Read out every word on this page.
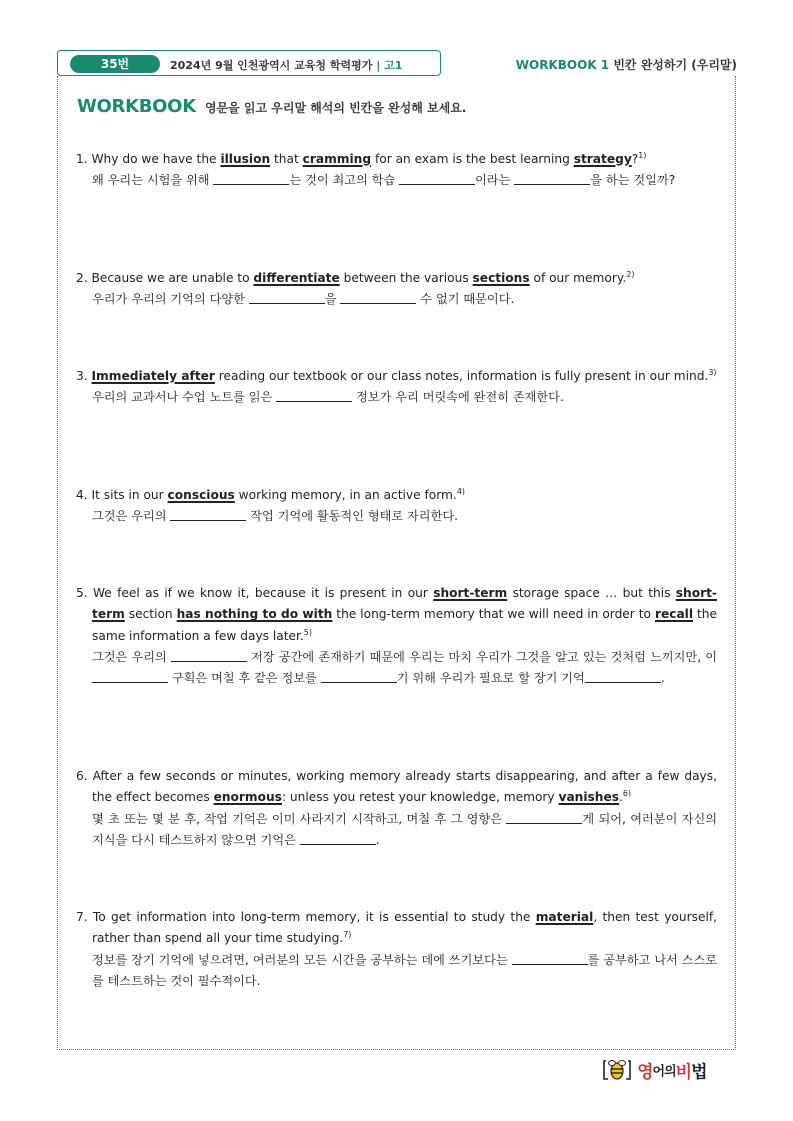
35번	2024년 9월 인천광역시 교육청 학력평가 | 고1	WORKBOOK 1 빈칸 완성하기 (우리말)
WORKBOOK 영문을 읽고 우리말 해석의 빈칸을 완성해 보세요.
1. Why do we have the illusion that cramming for an exam is the best learning strategy?$^{1)}$
왜 우리는 시험을 위해	는 것이 최고의 학습	이라는	을 하는 것일까?
2. Because we are unable to differentiate between the various sections of our memory.$^{2)}$
우리가 우리의 기억의 다양한	을	수 없기 때문이다.
3. Immediately after reading our textbook or our class notes, information is fully present in our mind.$^{3)}$
우리의 교과서나 수업 노트를 읽은	정보가 우리 머릿속에 완전히 존재한다.
4. It sits in our conscious working memory, in an active form.$^{4)}$
그것은 우리의	작업 기억에 활동적인 형태로 자리한다.
5. We feel as if we know it, because it is present in our short-term storage space … but this short-term section has nothing to do with the long-term memory that we will need in order to recall the same information a few days later.$^{5)}$
그것은 우리의	저장 공간에 존재하기 때문에 우리는 마치 우리가 그것을 알고 있는 것처럼 느끼지만, 이  구획은 며칠 후 같은 정보를	기 위해 우리가 필요로 할 장기 기억	.
6. After a few seconds or minutes, working memory already starts disappearing, and after a few days, the effect becomes enormous: unless you retest your knowledge, memory vanishes.$^{6)}$
몇 초 또는 몇 분 후, 작업 기억은 이미 사라지기 시작하고, 며칠 후 그 영향은	게 되어, 여러분이 자신의 지식을 다시 테스트하지 않으면 기억은	.
7. To get information into long-term memory, it is essential to study the material, then test yourself, rather than spend all your time studying.$^{7)}$
정보를 장기 기억에 넣으려면, 여러분의 모든 시간을 공부하는 데에 쓰기보다는	를 공부하고 나서 스스로를 테스트하는 것이 필수적이다.
영어의비법
